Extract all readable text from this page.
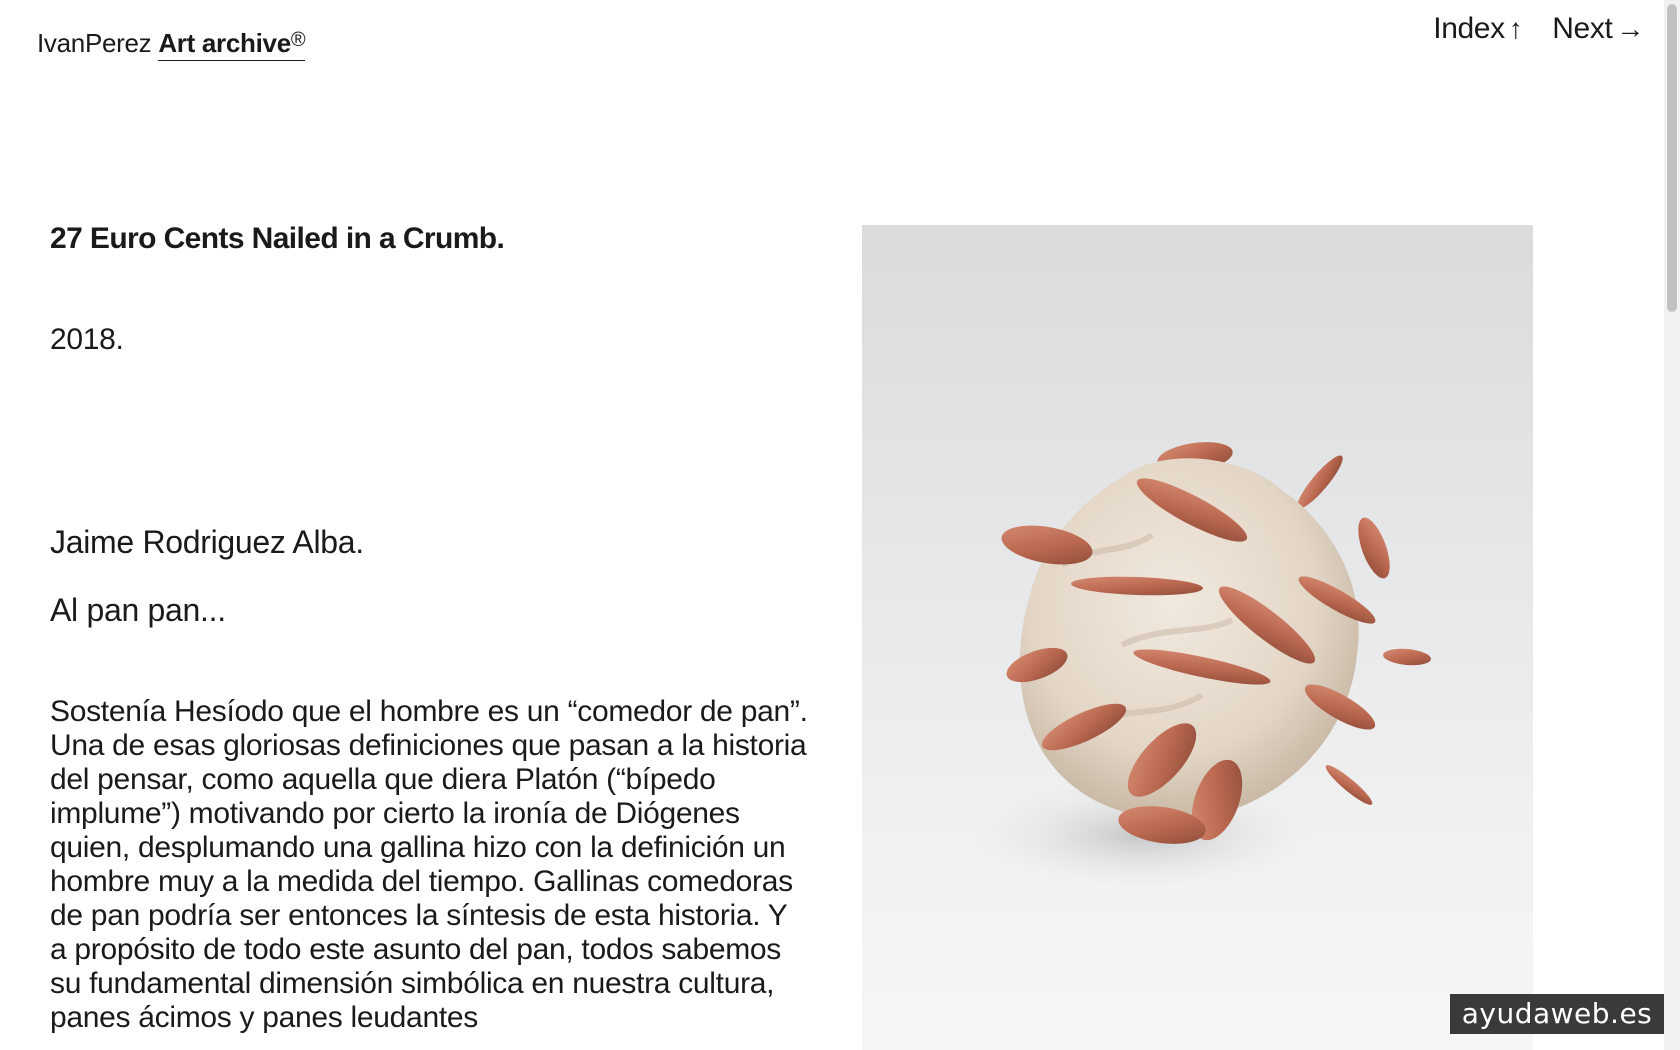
IvanPerez Art archive®	Index ↑ Next →
27 Euro Cents Nailed in a Crumb.
2018.
Jaime Rodriguez Alba.
Al pan pan...

Sostenía Hesíodo que el hombre es un “comedor de pan”. Una de esas gloriosas definiciones que pasan a la historia del pensar, como aquella que diera Platón (“bípedo implume”) motivando por cierto la ironía de Diógenes quien, desplumando una gallina hizo con la definición un hombre muy a la medida del tiempo. Gallinas comedoras de pan podría ser entonces la síntesis de esta historia. Y a propósito de todo este asunto del pan, todos sabemos su fundamental dimensión simbólica en nuestra cultura, panes ácimos y panes leudantes	ayudaweb.es
